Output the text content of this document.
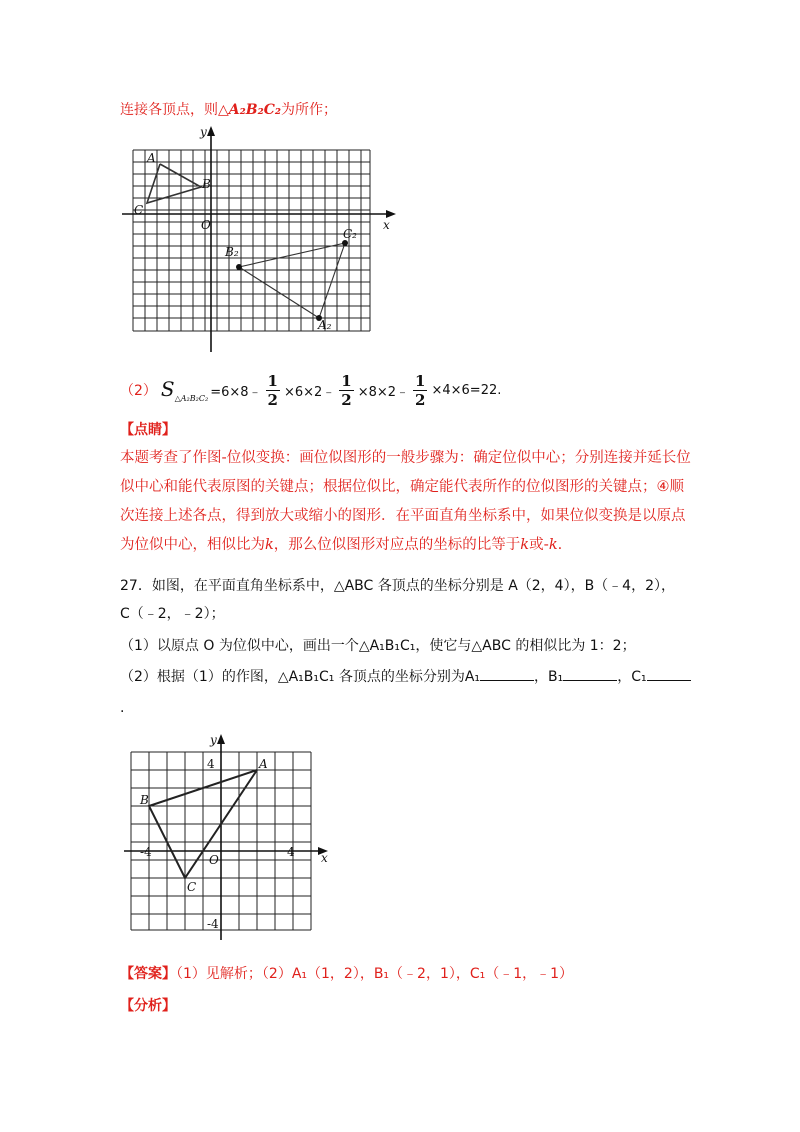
连接各顶点，则△A₂B₂C₂为所作；
A
B
C
O	x
y
B₂
C₂
A₂
（2） $S_{\triangle A_2B_2C_2}$ =6×8﹣ $\frac{1}{2}$ ×6×2﹣ $\frac{1}{2}$ ×8×2﹣ $\frac{1}{2} \times 4\times 6=22$.
【点睛】
本题考查了作图-位似变换：画位似图形的一般步骤为：确定位似中心；分别连接并延长位
似中心和能代表原图的关键点；根据位似比，确定能代表所作的位似图形的关键点；④顺
次连接上述各点，得到放大或缩小的图形．在平面直角坐标系中，如果位似变换是以原点
为位似中心，相似比为k，那么位似图形对应点的坐标的比等于k或-k.
27．如图，在平面直角坐标系中，△ABC 各顶点的坐标分别是 A（2，4），B（﹣4，2），
C（﹣2，﹣2）；
（1）以原点 O 为位似中心，画出一个△A₁B₁C₁，使它与△ABC 的相似比为 1：2；
（2）根据（1）的作图，△A₁B₁C₁ 各顶点的坐标分别为A₁	，B₁	，C₁
.
A
B
C
O	x
y
4
4
-4
-4
【答案】（1）见解析；（2）A₁（1，2），B₁（﹣2，1），C₁（﹣1，﹣1）
【分析】
